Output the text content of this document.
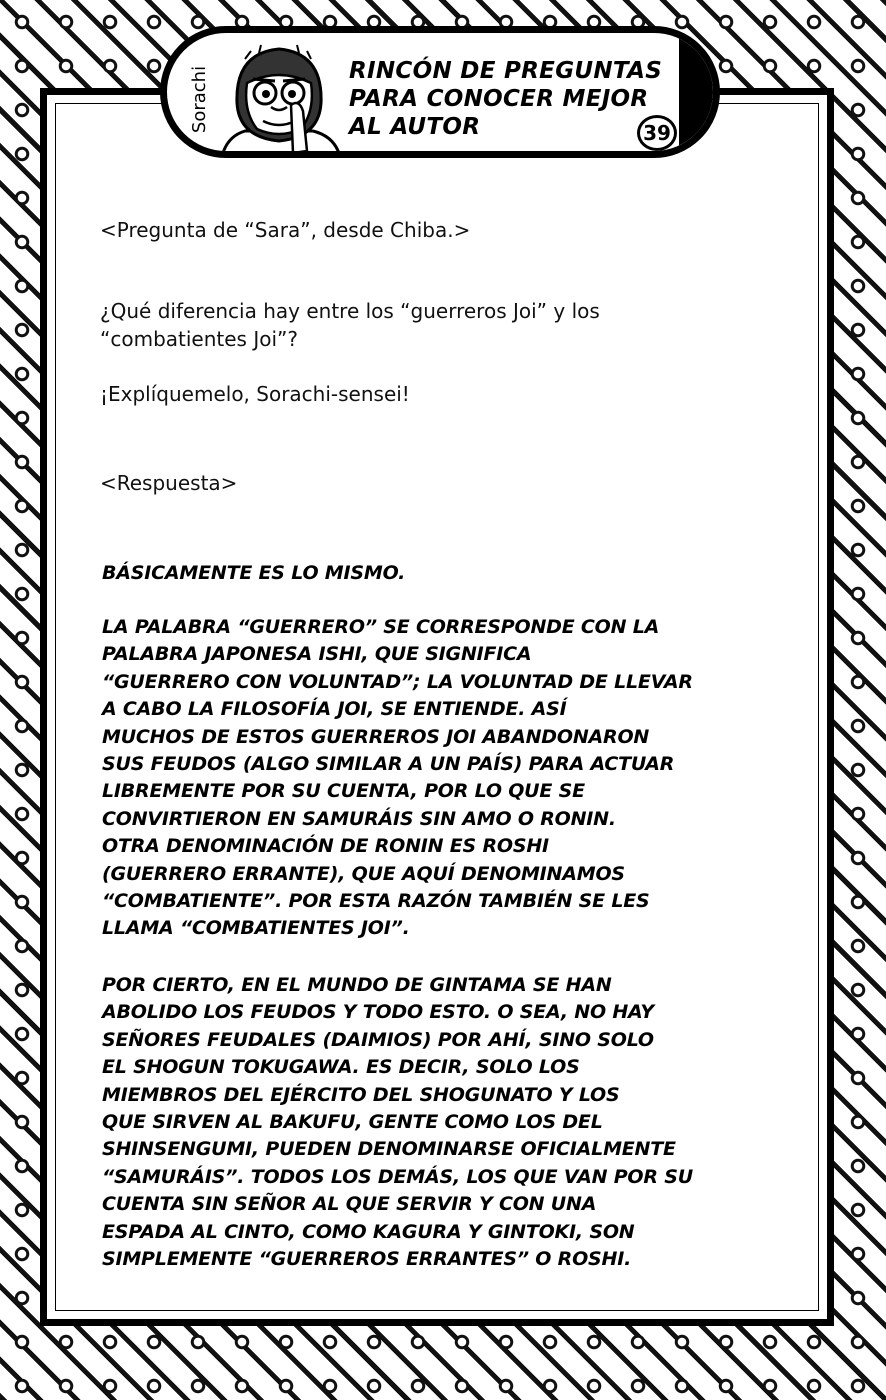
Sorachi	RINCÓN DE PREGUNTAS
PARA CONOCER MEJOR
AL AUTOR	39

<Pregunta de “Sara”, desde Chiba.>

¿Qué diferencia hay entre los “guerreros Joi” y los
“combatientes Joi”?

¡Explíquemelo, Sorachi-sensei!

<Respuesta>

BÁSICAMENTE ES LO MISMO.
LA PALABRA “GUERRERO” SE CORRESPONDE CON LA
PALABRA JAPONESA ISHI, QUE SIGNIFICA
“GUERRERO CON VOLUNTAD”; LA VOLUNTAD DE LLEVAR
A CABO LA FILOSOFÍA JOI, SE ENTIENDE. ASÍ
MUCHOS DE ESTOS GUERREROS JOI ABANDONARON
SUS FEUDOS (ALGO SIMILAR A UN PAÍS) PARA ACTUAR
LIBREMENTE POR SU CUENTA, POR LO QUE SE
CONVIRTIERON EN SAMURÁIS SIN AMO O RONIN.
OTRA DENOMINACIÓN DE RONIN ES ROSHI
(GUERRERO ERRANTE), QUE AQUÍ DENOMINAMOS
“COMBATIENTE”. POR ESTA RAZÓN TAMBIÉN SE LES
LLAMA “COMBATIENTES JOI”.
POR CIERTO, EN EL MUNDO DE GINTAMA SE HAN
ABOLIDO LOS FEUDOS Y TODO ESTO. O SEA, NO HAY
SEÑORES FEUDALES (DAIMIOS) POR AHÍ, SINO SOLO
EL SHOGUN TOKUGAWA. ES DECIR, SOLO LOS
MIEMBROS DEL EJÉRCITO DEL SHOGUNATO Y LOS
QUE SIRVEN AL BAKUFU, GENTE COMO LOS DEL
SHINSENGUMI, PUEDEN DENOMINARSE OFICIALMENTE
“SAMURÁIS”. TODOS LOS DEMÁS, LOS QUE VAN POR SU
CUENTA SIN SEÑOR AL QUE SERVIR Y CON UNA
ESPADA AL CINTO, COMO KAGURA Y GINTOKI, SON
SIMPLEMENTE “GUERREROS ERRANTES” O ROSHI.
